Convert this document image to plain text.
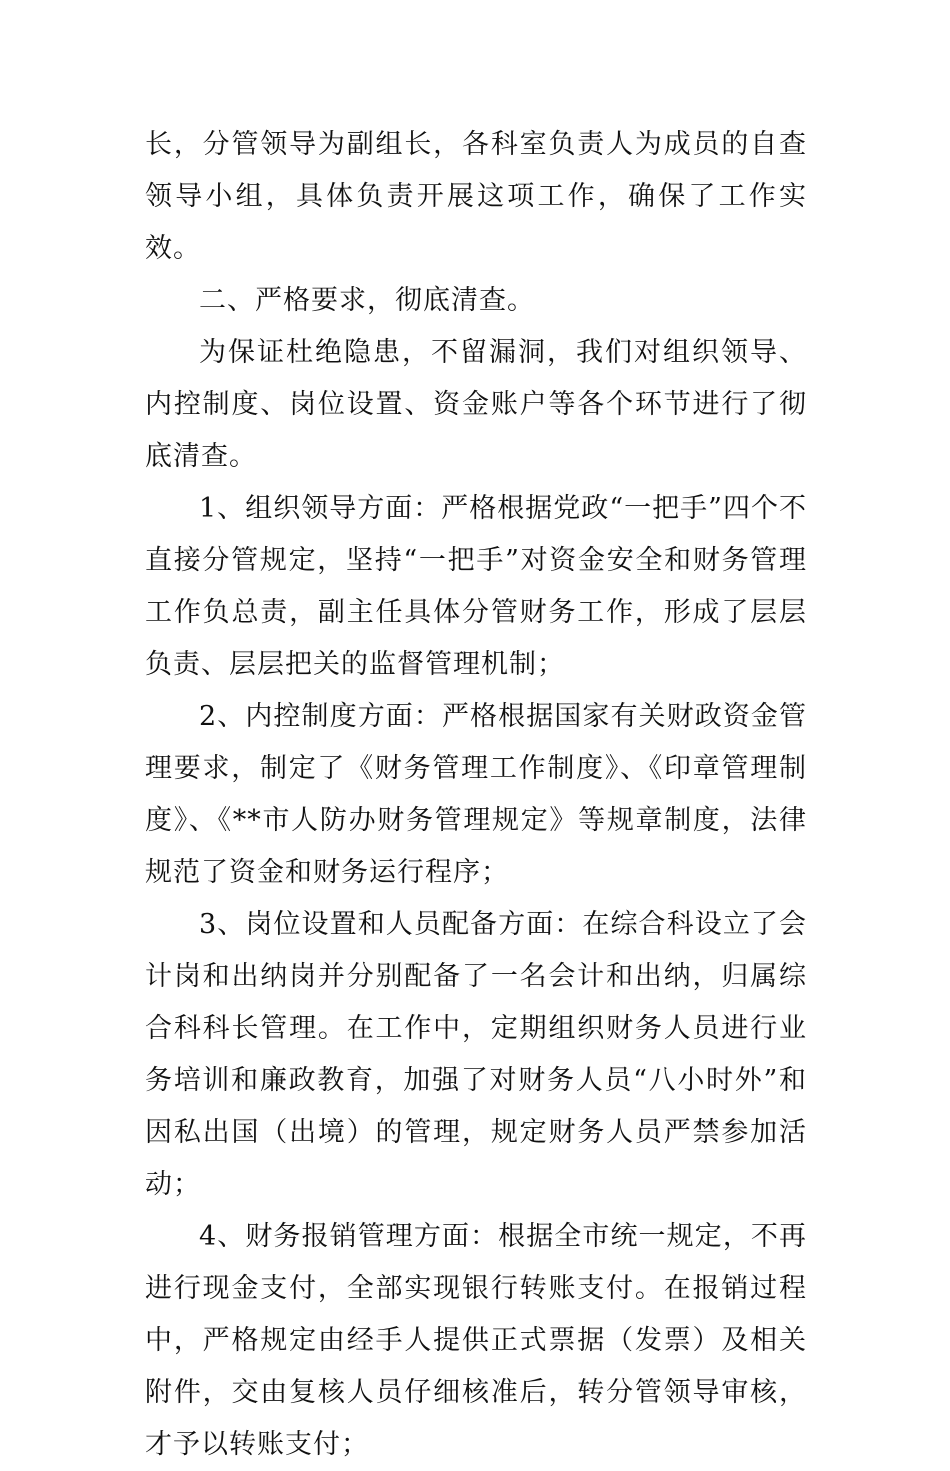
长，分管领导为副组长，各科室负责人为成员的自查领导小组，具体负责开展这项工作，确保了工作实效。

二、严格要求，彻底清查。

为保证杜绝隐患，不留漏洞，我们对组织领导、内控制度、岗位设置、资金账户等各个环节进行了彻底清查。

1、组织领导方面：严格根据党政“一把手”四个不直接分管规定，坚持“一把手”对资金安全和财务管理工作负总责，副主任具体分管财务工作，形成了层层负责、层层把关的监督管理机制；

2、内控制度方面：严格根据国家有关财政资金管理要求，制定了《财务管理工作制度》、《印章管理制度》、《**市人防办财务管理规定》等规章制度，法律规范了资金和财务运行程序；

3、岗位设置和人员配备方面：在综合科设立了会计岗和出纳岗并分别配备了一名会计和出纳，归属综合科科长管理。在工作中，定期组织财务人员进行业务培训和廉政教育，加强了对财务人员“八小时外”和因私出国（出境）的管理，规定财务人员严禁参加活动；

4、财务报销管理方面：根据全市统一规定，不再进行现金支付，全部实现银行转账支付。在报销过程中，严格规定由经手人提供正式票据（发票）及相关附件，交由复核人员仔细核准后，转分管领导审核，才予以转账支付；
